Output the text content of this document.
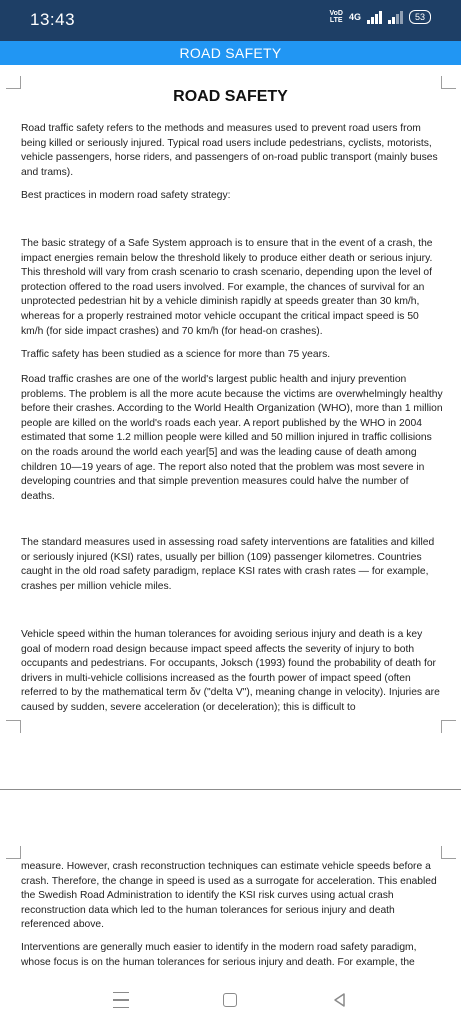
13:43	VoD
LTE 4G	53
ROAD SAFETY
ROAD SAFETY

Road traffic safety refers to the methods and measures used to prevent road users from being killed or seriously injured. Typical road users include pedestrians, cyclists, motorists, vehicle passengers, horse riders, and passengers of on-road public transport (mainly buses and trams).

Best practices in modern road safety strategy:

The basic strategy of a Safe System approach is to ensure that in the event of a crash, the impact energies remain below the threshold likely to produce either death or serious injury. This threshold will vary from crash scenario to crash scenario, depending upon the level of protection offered to the road users involved. For example, the chances of survival for an unprotected pedestrian hit by a vehicle diminish rapidly at speeds greater than 30 km/h, whereas for a properly restrained motor vehicle occupant the critical impact speed is 50 km/h (for side impact crashes) and 70 km/h (for head-on crashes).

Traffic safety has been studied as a science for more than 75 years.

Road traffic crashes are one of the world's largest public health and injury prevention problems. The problem is all the more acute because the victims are overwhelmingly healthy before their crashes. According to the World Health Organization (WHO), more than 1 million people are killed on the world's roads each year. A report published by the WHO in 2004 estimated that some 1.2 million people were killed and 50 million injured in traffic collisions on the roads around the world each year[5] and was the leading cause of death among children 10—19 years of age. The report also noted that the problem was most severe in developing countries and that simple prevention measures could halve the number of deaths.

The standard measures used in assessing road safety interventions are fatalities and killed or seriously injured (KSI) rates, usually per billion (109) passenger kilometres. Countries caught in the old road safety paradigm, replace KSI rates with crash rates — for example, crashes per million vehicle miles.

Vehicle speed within the human tolerances for avoiding serious injury and death is a key goal of modern road design because impact speed affects the severity of injury to both occupants and pedestrians. For occupants, Joksch (1993) found the probability of death for drivers in multi-vehicle collisions increased as the fourth power of impact speed (often referred to by the mathematical term δv ("delta V"), meaning change in velocity). Injuries are caused by sudden, severe acceleration (or deceleration); this is difficult to

measure. However, crash reconstruction techniques can estimate vehicle speeds before a crash. Therefore, the change in speed is used as a surrogate for acceleration. This enabled the Swedish Road Administration to identify the KSI risk curves using actual crash reconstruction data which led to the human tolerances for serious injury and death referenced above.

Interventions are generally much easier to identify in the modern road safety paradigm, whose focus is on the human tolerances for serious injury and death. For example, the
